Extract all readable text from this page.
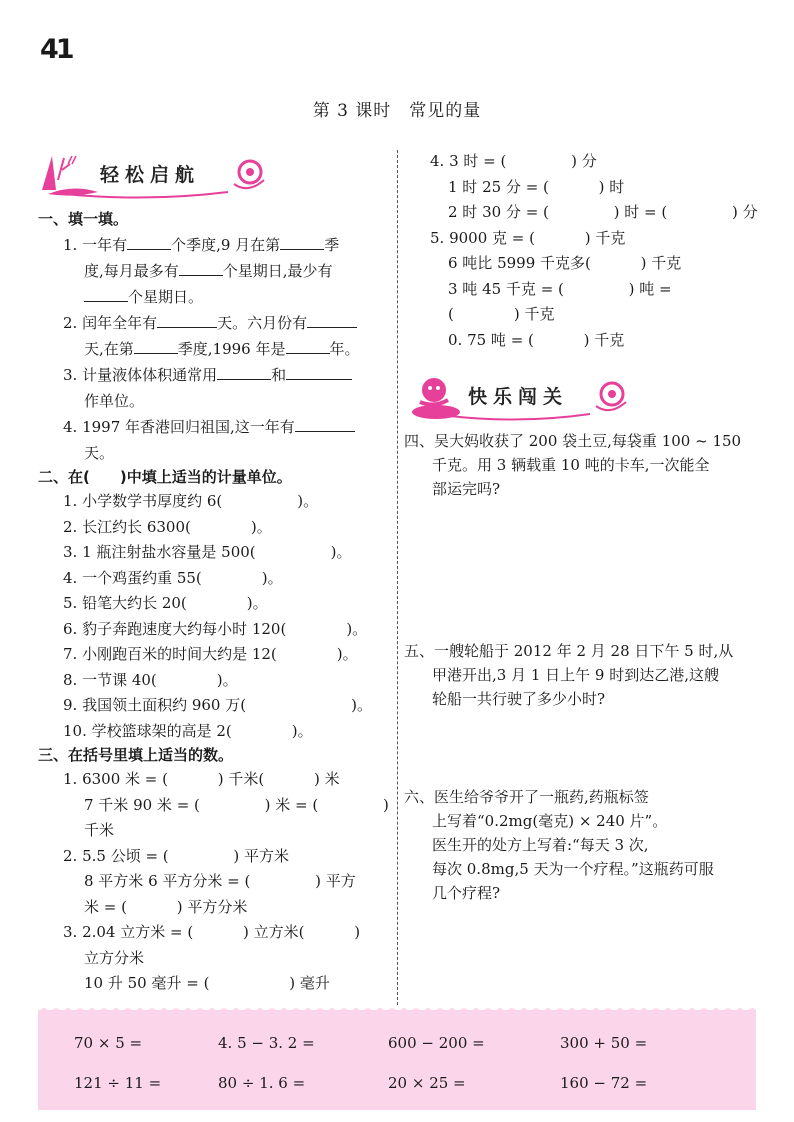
41
第 3 课时　常见的量
轻松启航
一、填一填。
1. 一年有	个季度,9 月在第	季
度,每月最多有	个星期日,最少有
个星期日。
2. 闰年全年有	天。六月份有
天,在第	季度,1996 年是	年。
3. 计量液体体积通常用	和
作单位。
4. 1997 年香港回归祖国,这一年有
天。
二、在(　　)中填上适当的计量单位。
1. 小学数学书厚度约 6(　　　　　)。
2. 长江约长 6300(　　　　)。
3. 1 瓶注射盐水容量是 500(　　　　　)。
4. 一个鸡蛋约重 55(　　　　)。
5. 铅笔大约长 20(　　　　)。
6. 豹子奔跑速度大约每小时 120(　　　　)。
7. 小刚跑百米的时间大约是 12(　　　　)。
8. 一节课 40(　　　　)。
9. 我国领土面积约 960 万(　　　　　　　)。
10. 学校篮球架的高是 2(　　　　)。
三、在括号里填上适当的数。
1. 6300 米 = (　　　 ) 千米(　　　 ) 米
7 千米 90 米 = (　　　　 ) 米 = (　　　　 )
千米
2. 5.5 公顷 = (　　　　 ) 平方米
8 平方米 6 平方分米 = (　　　　 ) 平方
米 = (　　　 ) 平方分米
3. 2.04 立方米 = (　　　 ) 立方米(　　　 )
立方分米
10 升 50 毫升 = (　　　　　 ) 毫升
4. 3 时 = (　　　　 ) 分
1 时 25 分 = (　　　 ) 时
2 时 30 分 = (　　　　 ) 时 = (　　　　 ) 分
5. 9000 克 = (　　　 ) 千克
6 吨比 5999 千克多(　　　 ) 千克
3 吨 45 千克 = (　　　　 ) 吨 =
(　　　　) 千克
0. 75 吨 = (　　　 ) 千克
快乐闯关
四、吴大妈收获了 200 袋土豆,每袋重 100 ~ 150
千克。用 3 辆载重 10 吨的卡车,一次能全
部运完吗?
五、一艘轮船于 2012 年 2 月 28 日下午 5 时,从
甲港开出,3 月 1 日上午 9 时到达乙港,这艘
轮船一共行驶了多少小时?
六、医生给爷爷开了一瓶药,药瓶标签
上写着“0.2mg(毫克) × 240 片”。
医生开的处方上写着:“每天 3 次,
每次 0.8mg,5 天为一个疗程。”这瓶药可服
几个疗程?
70 × 5 =	4. 5 − 3. 2 =	600 − 200 =	300 + 50 =
121 ÷ 11 =	80 ÷ 1. 6 =	20 × 25 =	160 − 72 =
